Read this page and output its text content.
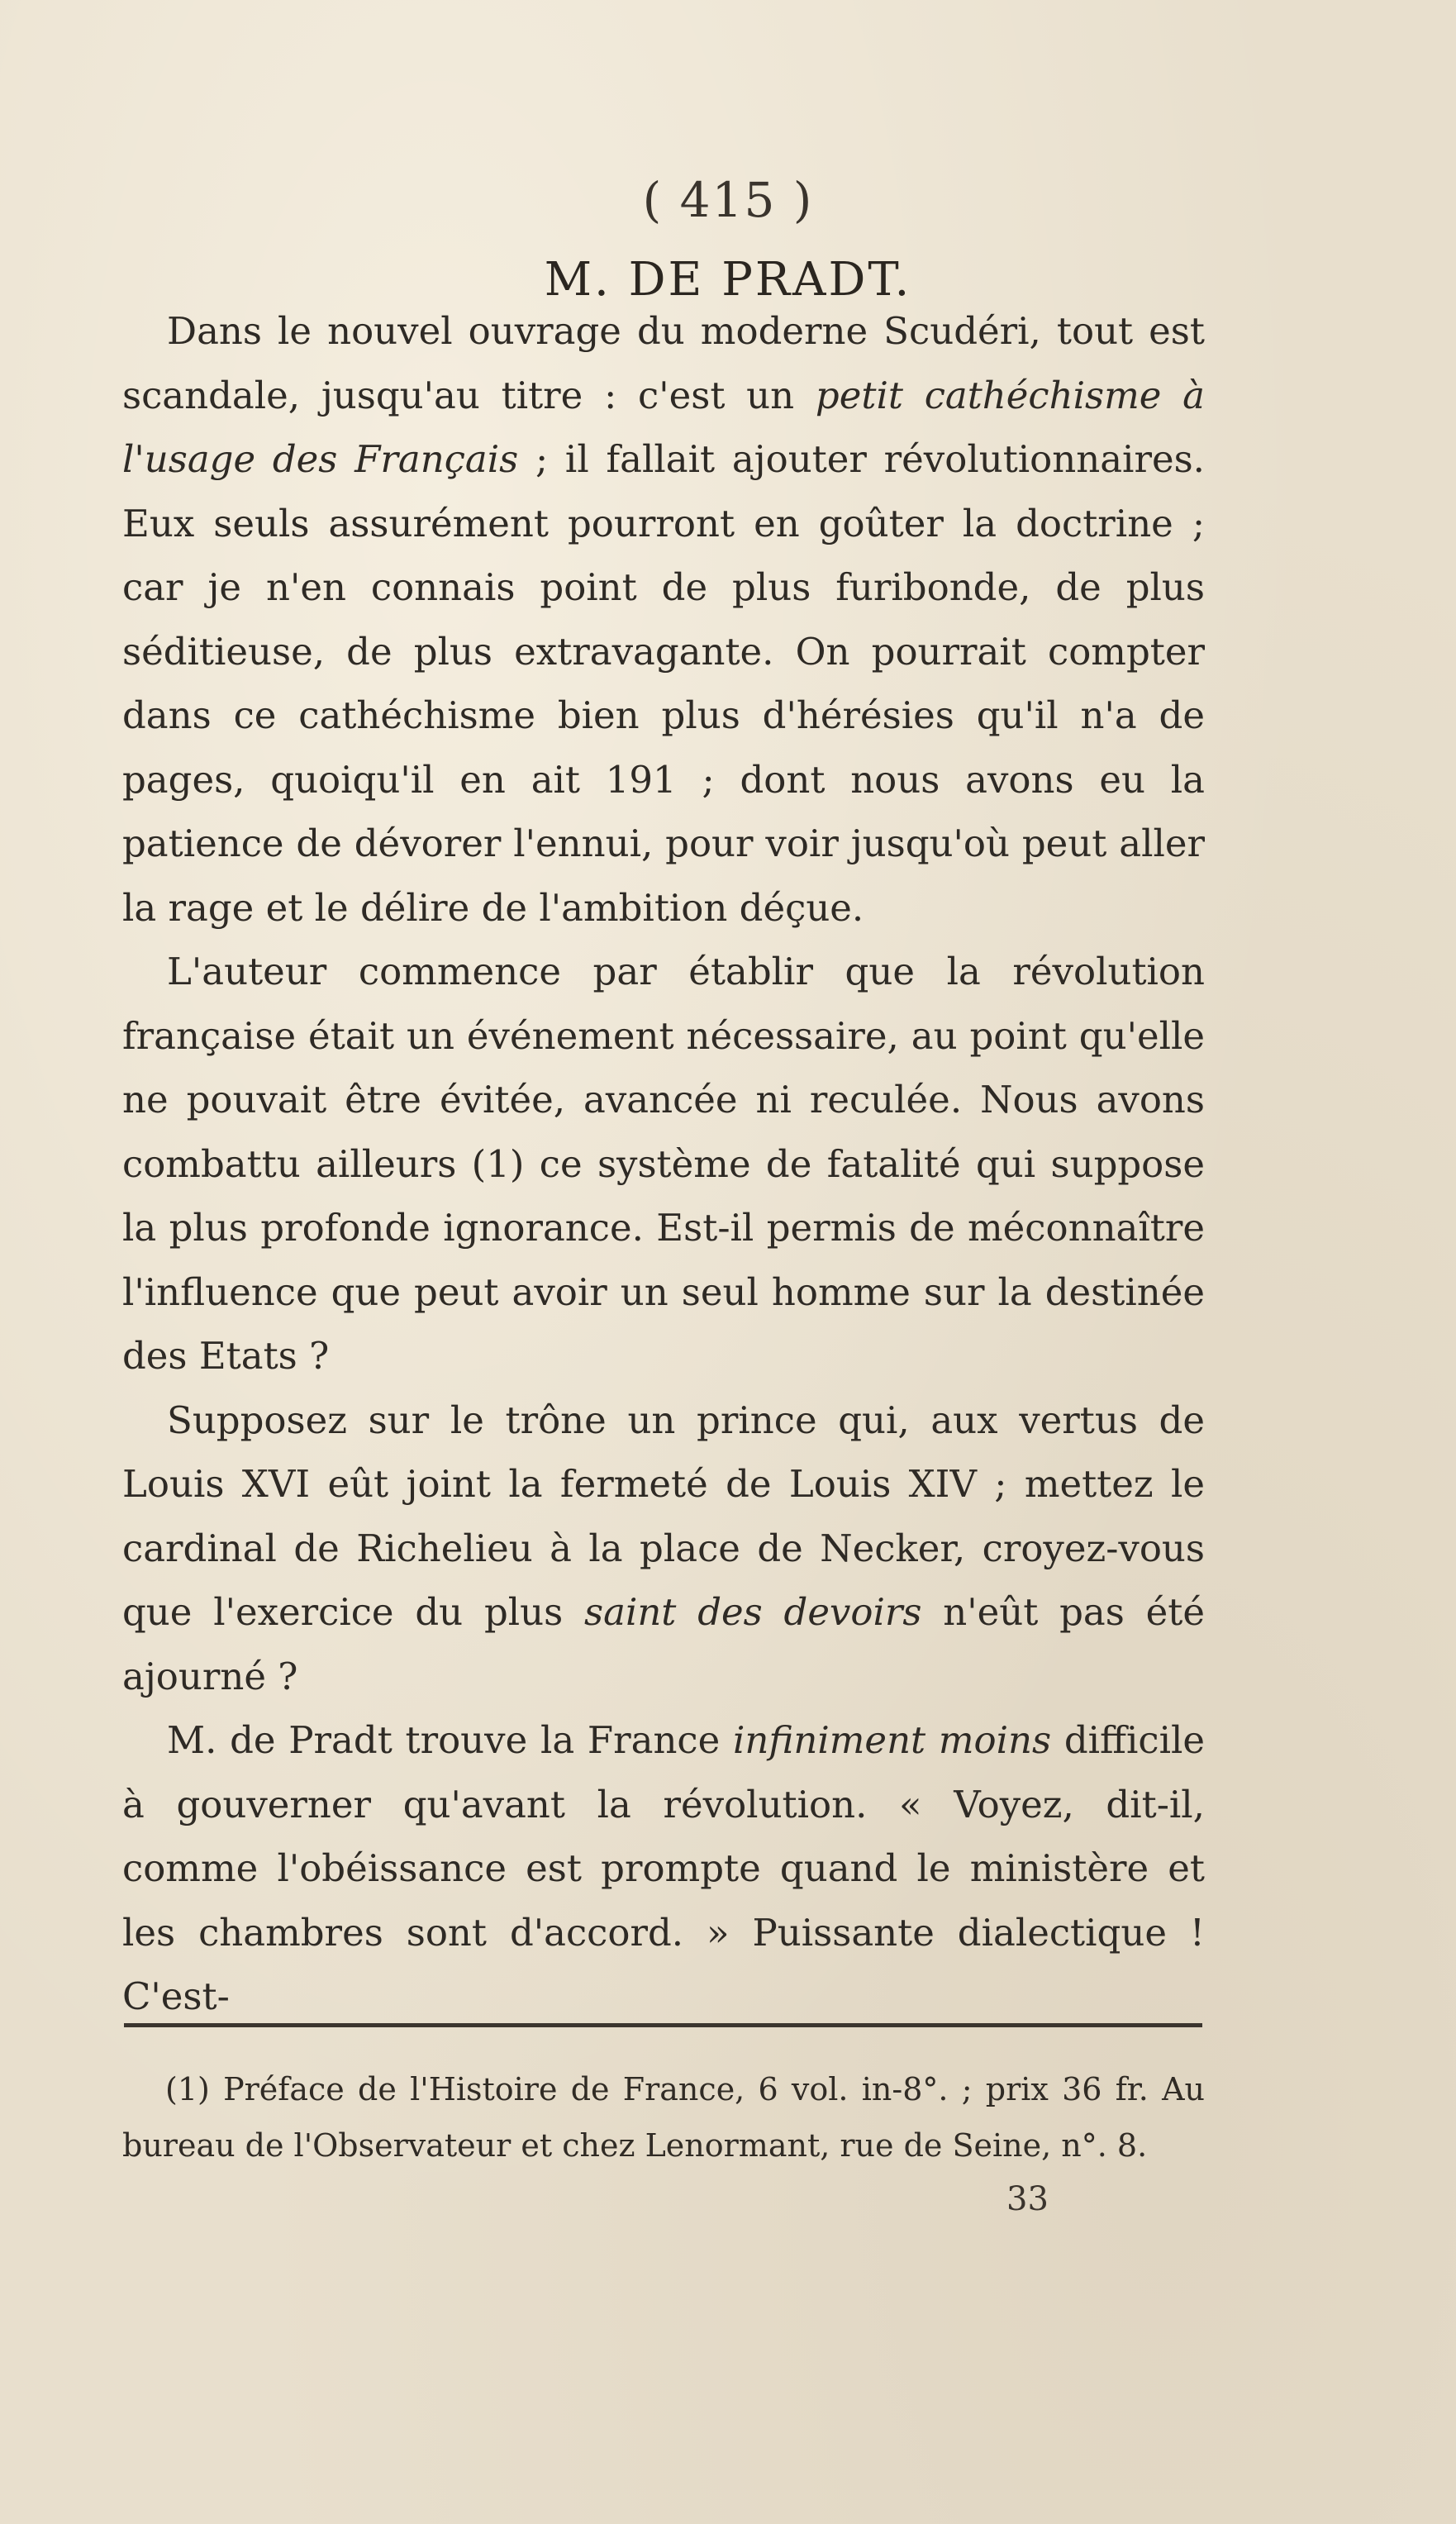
( 415 )
M. DE PRADT.

Dans le nouvel ouvrage du moderne Scudéri, tout est scandale, jusqu'au titre : c'est un petit cathéchisme à l'usage des Français ; il fallait ajouter révolutionnaires. Eux seuls assurément pourront en goûter la doctrine ; car je n'en connais point de plus furibonde, de plus séditieuse, de plus extravagante. On pourrait compter dans ce cathéchisme bien plus d'hérésies qu'il n'a de pages, quoiqu'il en ait 191 ; dont nous avons eu la patience de dévorer l'ennui, pour voir jusqu'où peut aller la rage et le délire de l'ambition déçue.

L'auteur commence par établir que la révolution française était un événement nécessaire, au point qu'elle ne pouvait être évitée, avancée ni reculée. Nous avons combattu ailleurs (1) ce système de fatalité qui suppose la plus profonde ignorance. Est-il permis de méconnaître l'influence que peut avoir un seul homme sur la destinée des Etats ?

Supposez sur le trône un prince qui, aux vertus de Louis XVI eût joint la fermeté de Louis XIV ; mettez le cardinal de Richelieu à la place de Necker, croyez-vous que l'exercice du plus saint des devoirs n'eût pas été ajourné ?

M. de Pradt trouve la France infiniment moins difficile à gouverner qu'avant la révolution. « Voyez, dit-il, comme l'obéissance est prompte quand le ministère et les chambres sont d'accord. » Puissante dialectique ! C'est-

(1) Préface de l'Histoire de France, 6 vol. in-8°. ; prix 36 fr. Au bureau de l'Observateur et chez Lenormant, rue de Seine, n°. 8.

33
